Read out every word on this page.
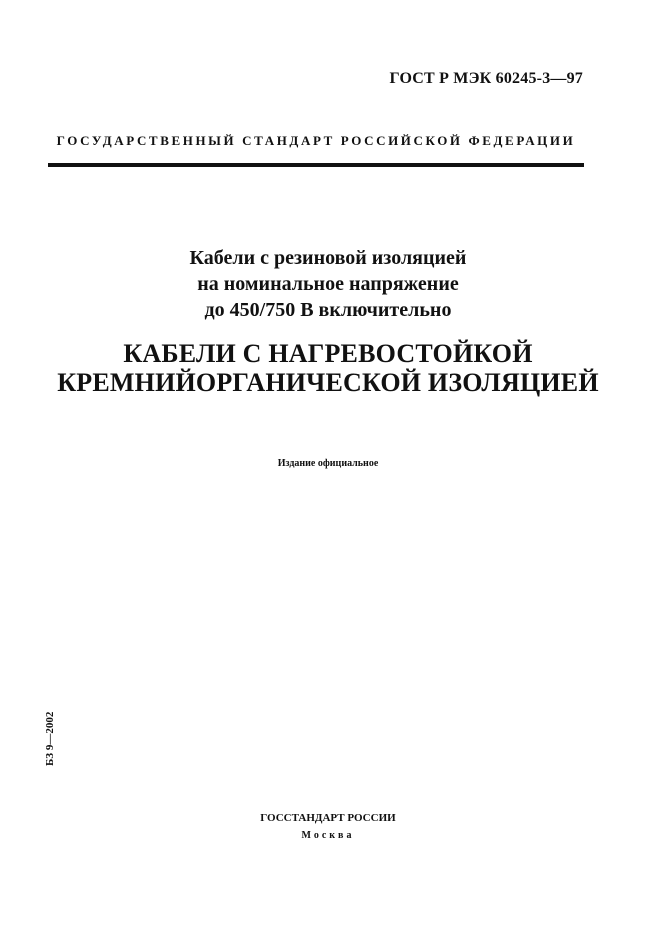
ГОСТ Р МЭК 60245-3—97
ГОСУДАРСТВЕННЫЙ СТАНДАРТ РОССИЙСКОЙ ФЕДЕРАЦИИ
Кабели с резиновой изоляцией
на номинальное напряжение
до 450/750 В включительно
КАБЕЛИ С НАГРЕВОСТОЙКОЙ
КРЕМНИЙОРГАНИЧЕСКОЙ ИЗОЛЯЦИЕЙ
Издание официальное
БЗ 9—2002
ГОССТАНДАРТ РОССИИ
Москва
